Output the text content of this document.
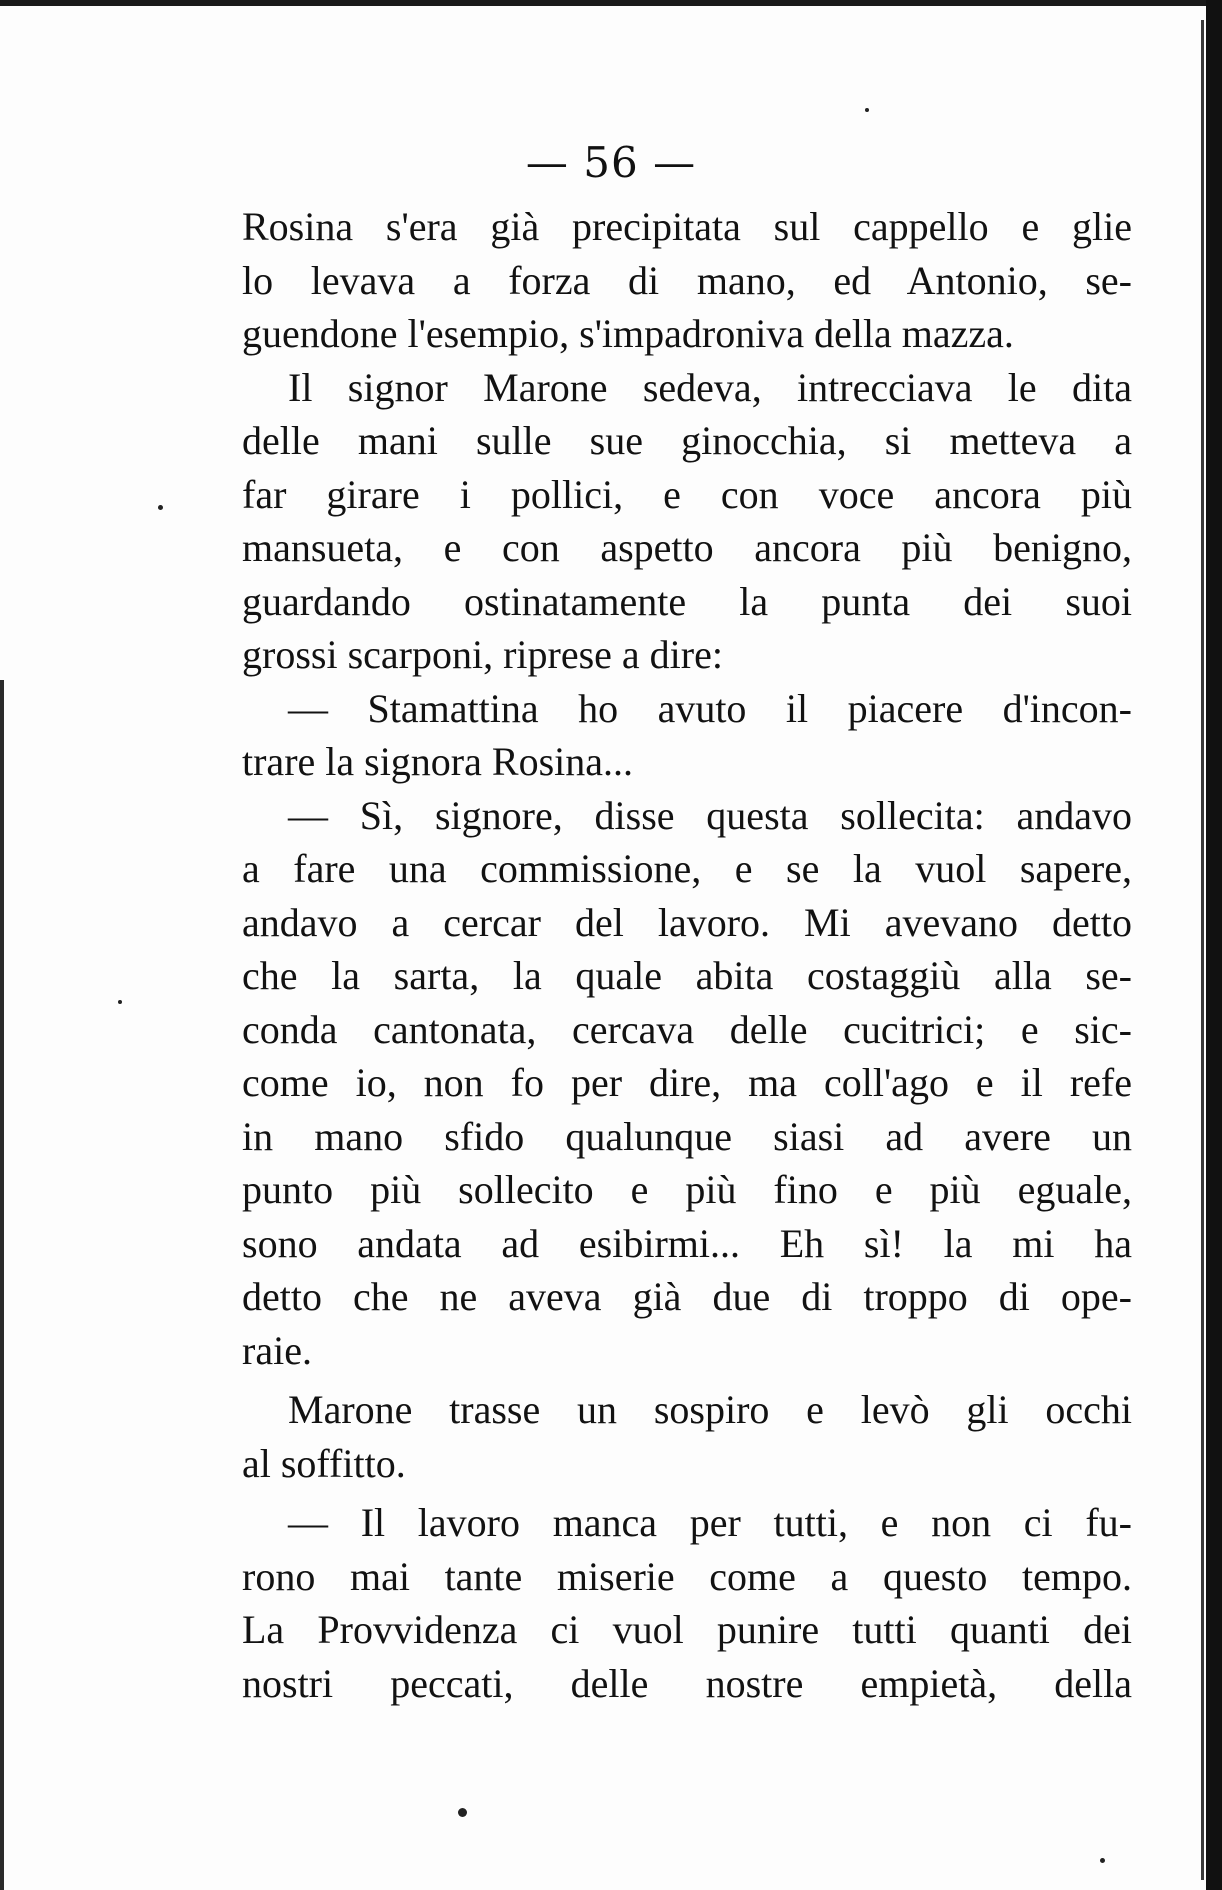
— 56 —
Rosina s'era già precipitata sul cappello e glie
lo levava a forza di mano, ed Antonio, se-
guendone l'esempio, s'impadroniva della mazza.
Il signor Marone sedeva, intrecciava le dita
delle mani sulle sue ginocchia, si metteva a
far girare i pollici, e con voce ancora più
mansueta, e con aspetto ancora più benigno,
guardando ostinatamente la punta dei suoi
grossi scarponi, riprese a dire:
— Stamattina ho avuto il piacere d'incon-
trare la signora Rosina...
— Sì, signore, disse questa sollecita: andavo
a fare una commissione, e se la vuol sapere,
andavo a cercar del lavoro. Mi avevano detto
che la sarta, la quale abita costaggiù alla se-
conda cantonata, cercava delle cucitrici; e sic-
come io, non fo per dire, ma coll'ago e il refe
in mano sfido qualunque siasi ad avere un
punto più sollecito e più fino e più eguale,
sono andata ad esibirmi... Eh sì! la mi ha
detto che ne aveva già due di troppo di ope-
raie.
Marone trasse un sospiro e levò gli occhi
al soffitto.
— Il lavoro manca per tutti, e non ci fu-
rono mai tante miserie come a questo tempo.
La Provvidenza ci vuol punire tutti quanti dei
nostri peccati, delle nostre empietà, della
